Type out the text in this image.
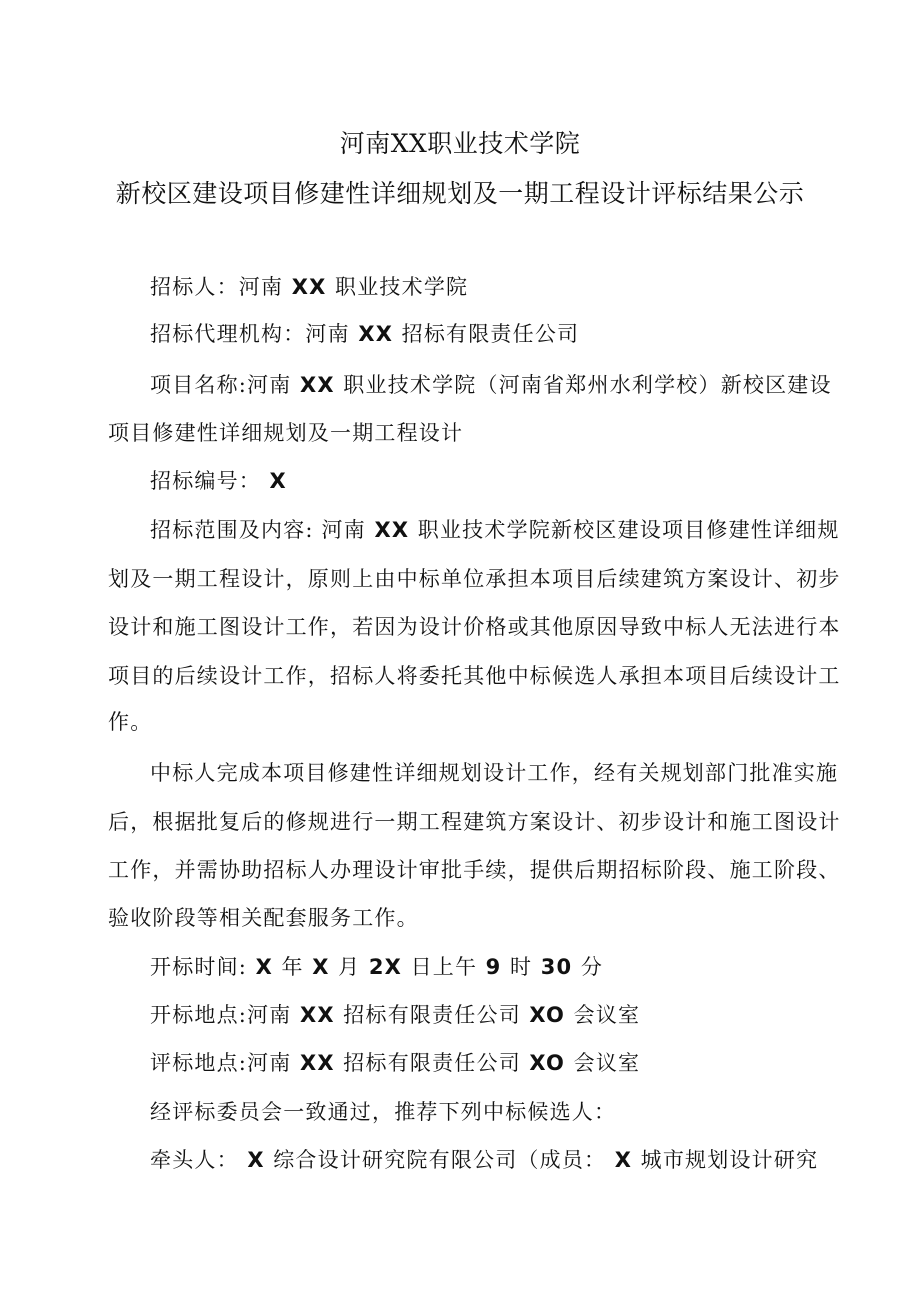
河南XX职业技术学院
新校区建设项目修建性详细规划及一期工程设计评标结果公示
招标人：河南 XX 职业技术学院
招标代理机构：河南 XX 招标有限责任公司
项目名称:河南 XX 职业技术学院（河南省郑州水利学校）新校区建设
项目修建性详细规划及一期工程设计
招标编号： X
招标范围及内容: 河南 XX 职业技术学院新校区建设项目修建性详细规
划及一期工程设计，原则上由中标单位承担本项目后续建筑方案设计、初步
设计和施工图设计工作，若因为设计价格或其他原因导致中标人无法进行本
项目的后续设计工作，招标人将委托其他中标候选人承担本项目后续设计工
作。
中标人完成本项目修建性详细规划设计工作，经有关规划部门批准实施
后，根据批复后的修规进行一期工程建筑方案设计、初步设计和施工图设计
工作，并需协助招标人办理设计审批手续，提供后期招标阶段、施工阶段、
验收阶段等相关配套服务工作。
开标时间: X 年 X 月 2X 日上午 9 时 30 分
开标地点:河南 XX 招标有限责任公司 XO 会议室
评标地点:河南 XX 招标有限责任公司 XO 会议室
经评标委员会一致通过，推荐下列中标候选人：
牵头人： X 综合设计研究院有限公司（成员： X 城市规划设计研究
